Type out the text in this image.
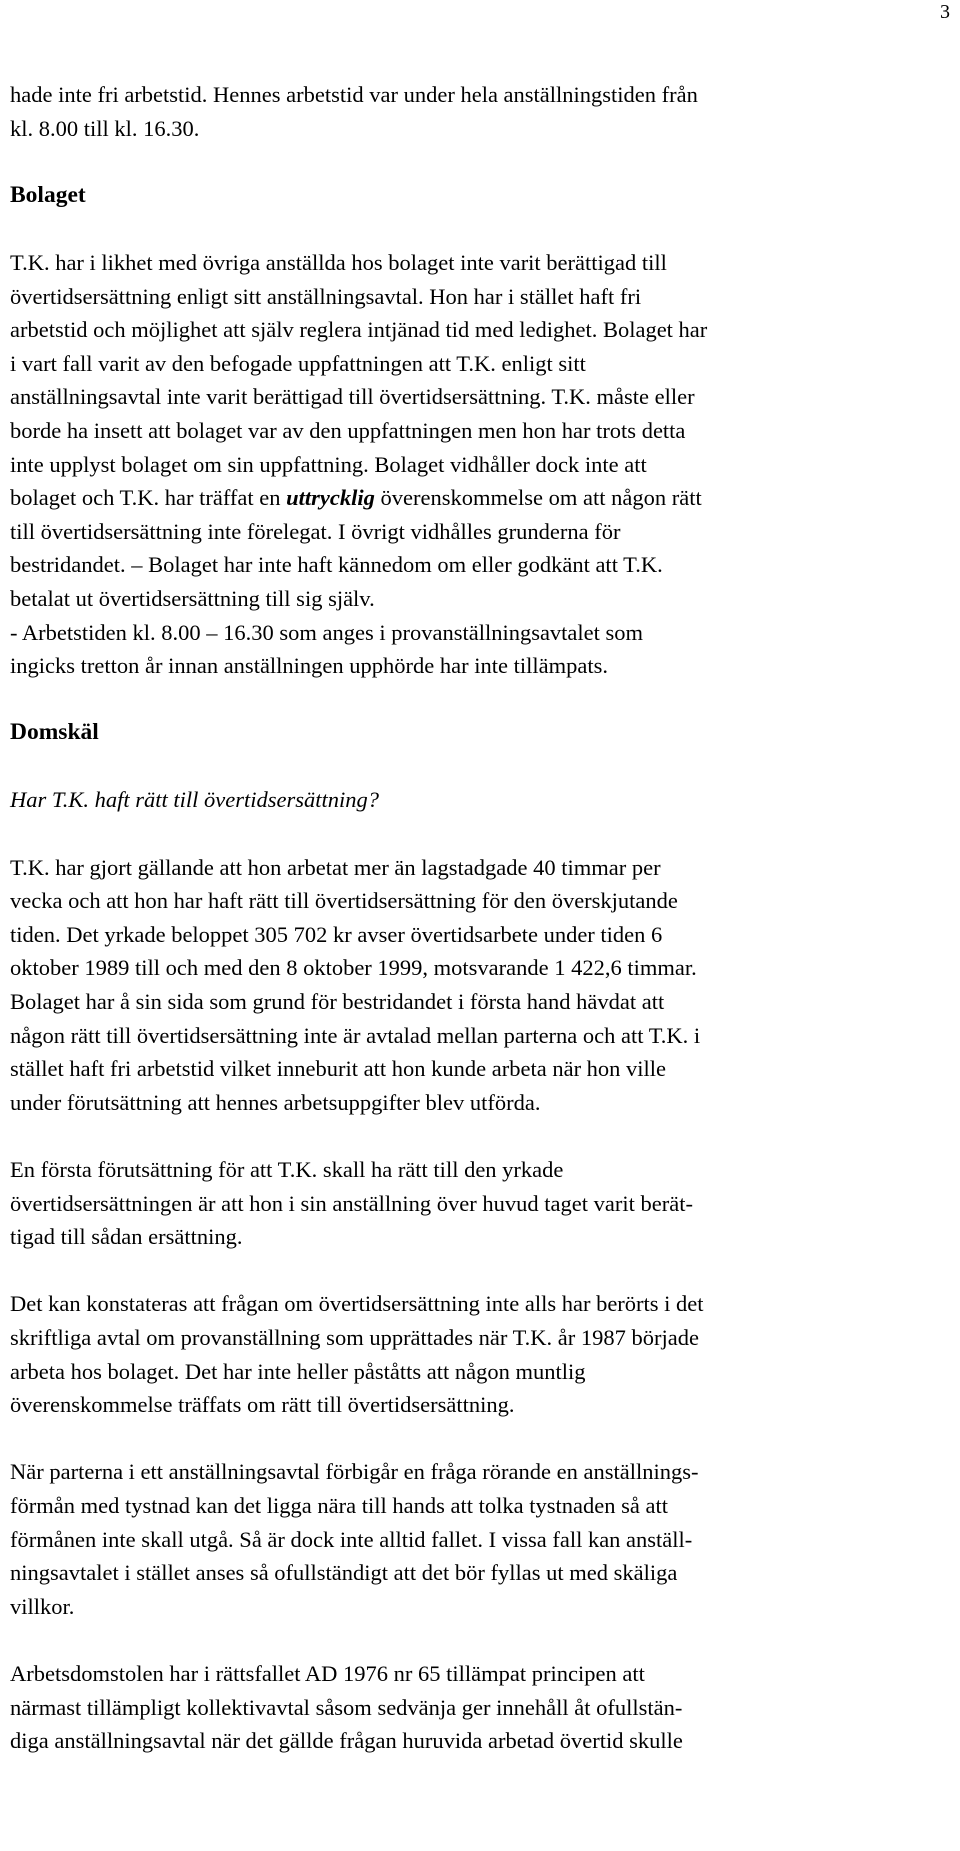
3

hade inte fri arbetstid. Hennes arbetstid var under hela anställningstiden från
kl. 8.00 till kl. 16.30.

Bolaget

T.K. har i likhet med övriga anställda hos bolaget inte varit berättigad till
övertidsersättning enligt sitt anställningsavtal. Hon har i stället haft fri
arbetstid och möjlighet att själv reglera intjänad tid med ledighet. Bolaget har
i vart fall varit av den befogade uppfattningen att T.K. enligt sitt
anställningsavtal inte varit berättigad till övertidsersättning. T.K. måste eller
borde ha insett att bolaget var av den uppfattningen men hon har trots detta
inte upplyst bolaget om sin uppfattning. Bolaget vidhåller dock inte att
bolaget och T.K. har träffat en uttrycklig överenskommelse om att någon rätt
till övertidsersättning inte förelegat. I övrigt vidhålles grunderna för
bestridandet. – Bolaget har inte haft kännedom om eller godkänt att T.K.
betalat ut övertidsersättning till sig själv.
- Arbetstiden kl. 8.00 – 16.30 som anges i provanställningsavtalet som
ingicks tretton år innan anställningen upphörde har inte tillämpats.

Domskäl

Har T.K. haft rätt till övertidsersättning?

T.K. har gjort gällande att hon arbetat mer än lagstadgade 40 timmar per
vecka och att hon har haft rätt till övertidsersättning för den överskjutande
tiden. Det yrkade beloppet 305 702 kr avser övertidsarbete under tiden 6
oktober 1989 till och med den 8 oktober 1999, motsvarande 1 422,6 timmar.
Bolaget har å sin sida som grund för bestridandet i första hand hävdat att
någon rätt till övertidsersättning inte är avtalad mellan parterna och att T.K. i
stället haft fri arbetstid vilket inneburit att hon kunde arbeta när hon ville
under förutsättning att hennes arbetsuppgifter blev utförda.

En första förutsättning för att T.K. skall ha rätt till den yrkade
övertidsersättningen är att hon i sin anställning över huvud taget varit berät-
tigad till sådan ersättning.

Det kan konstateras att frågan om övertidsersättning inte alls har berörts i det
skriftliga avtal om provanställning som upprättades när T.K. år 1987 började
arbeta hos bolaget. Det har inte heller påståtts att någon muntlig
överenskommelse träffats om rätt till övertidsersättning.

När parterna i ett anställningsavtal förbigår en fråga rörande en anställnings-
förmån med tystnad kan det ligga nära till hands att tolka tystnaden så att
förmånen inte skall utgå. Så är dock inte alltid fallet. I vissa fall kan anställ-
ningsavtalet i stället anses så ofullständigt att det bör fyllas ut med skäliga
villkor.

Arbetsdomstolen har i rättsfallet AD 1976 nr 65 tillämpat principen att
närmast tillämpligt kollektivavtal såsom sedvänja ger innehåll åt ofullstän-
diga anställningsavtal när det gällde frågan huruvida arbetad övertid skulle
